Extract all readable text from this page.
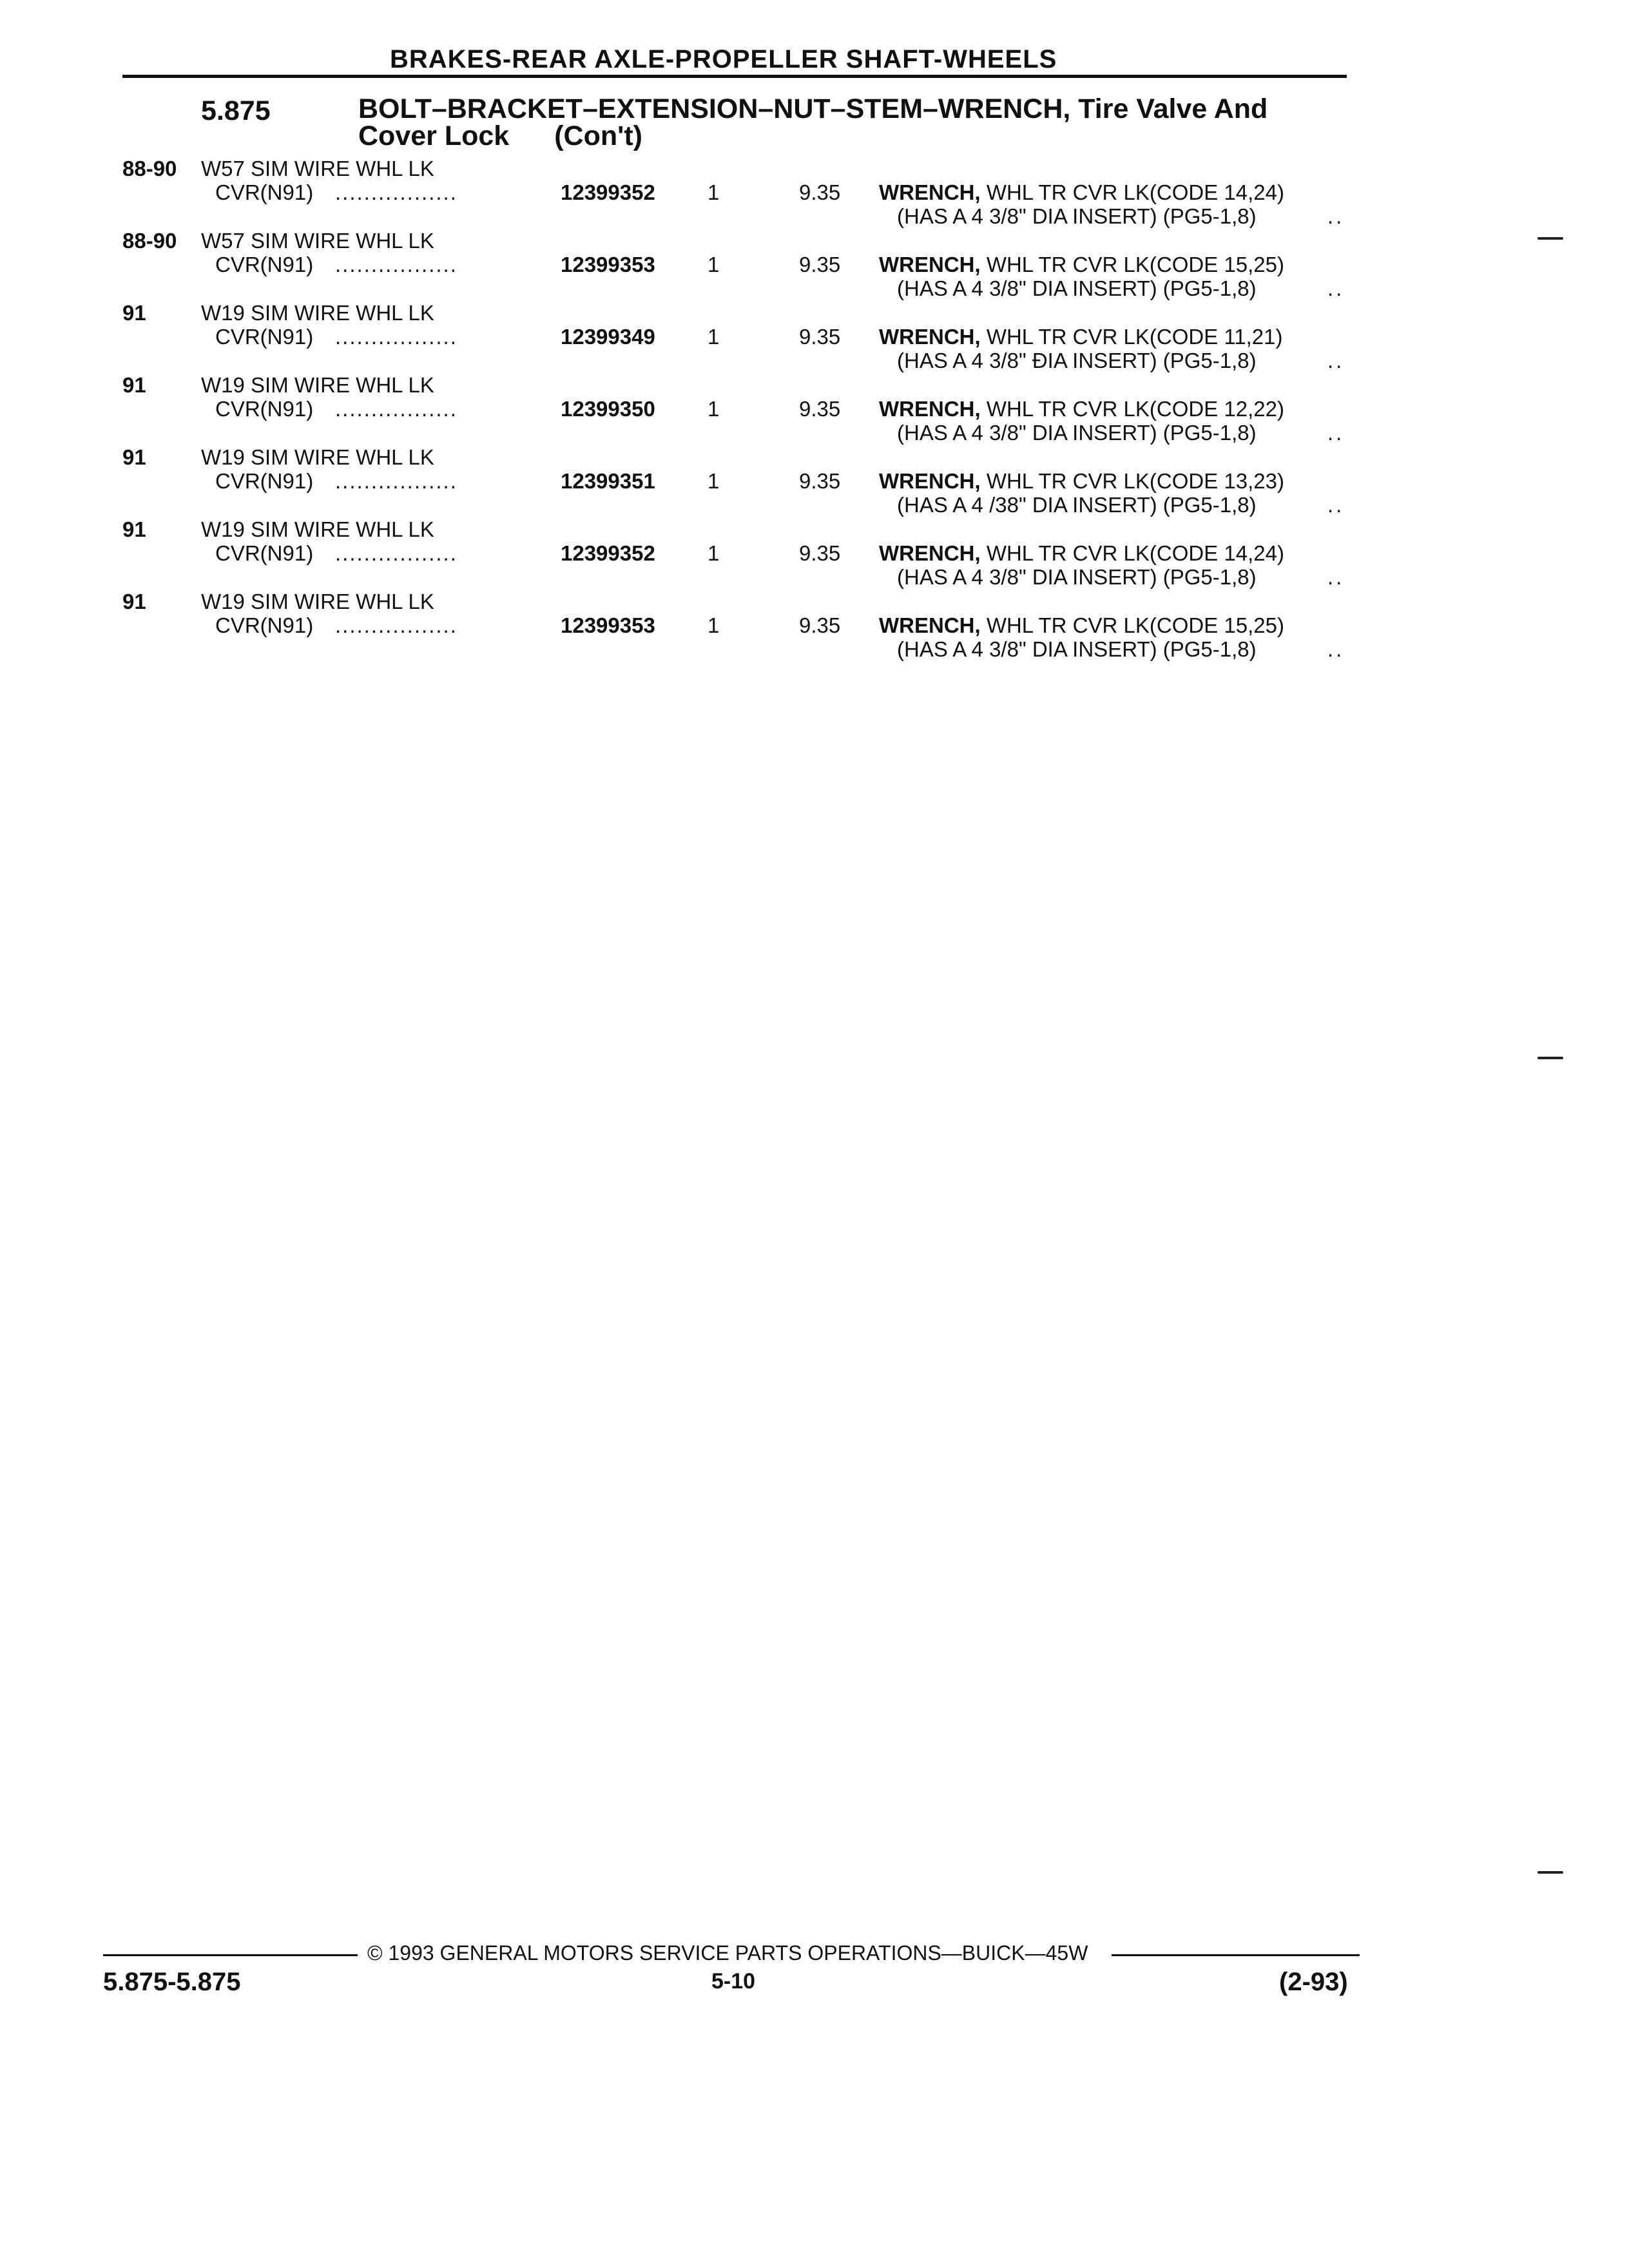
BRAKES-REAR AXLE-PROPELLER SHAFT-WHEELS
5.875	BOLT–BRACKET–EXTENSION–NUT–STEM–WRENCH, Tire Valve And
Cover Lock (Con't)
88-90 W57 SIM WIRE WHL LK
CVR(N91) .................	12399352 1	9.35 WRENCH, WHL TR CVR LK(CODE 14,24)
(HAS A 4 3/8" DIA INSERT) (PG5-1,8)	..
88-90 W57 SIM WIRE WHL LK
CVR(N91) .................	12399353 1	9.35 WRENCH, WHL TR CVR LK(CODE 15,25)
(HAS A 4 3/8" DIA INSERT) (PG5-1,8)	..
91	W19 SIM WIRE WHL LK
CVR(N91) .................	12399349 1	9.35 WRENCH, WHL TR CVR LK(CODE 11,21)
(HAS A 4 3/8" ÐIA INSERT) (PG5-1,8)	..
91	W19 SIM WIRE WHL LK
CVR(N91) .................	12399350 1	9.35 WRENCH, WHL TR CVR LK(CODE 12,22)
(HAS A 4 3/8" DIA INSERT) (PG5-1,8)	..
91	W19 SIM WIRE WHL LK
CVR(N91) .................	12399351 1	9.35 WRENCH, WHL TR CVR LK(CODE 13,23)
(HAS A 4 /38" DIA INSERT) (PG5-1,8)	..
91	W19 SIM WIRE WHL LK
CVR(N91) .................	12399352 1	9.35 WRENCH, WHL TR CVR LK(CODE 14,24)
(HAS A 4 3/8" DIA INSERT) (PG5-1,8)	..
91	W19 SIM WIRE WHL LK
CVR(N91) .................	12399353 1	9.35 WRENCH, WHL TR CVR LK(CODE 15,25)
(HAS A 4 3/8" DIA INSERT) (PG5-1,8)	..
© 1993 GENERAL MOTORS SERVICE PARTS OPERATIONS—BUICK—45W
5.875-5.875	5-10	(2-93)
